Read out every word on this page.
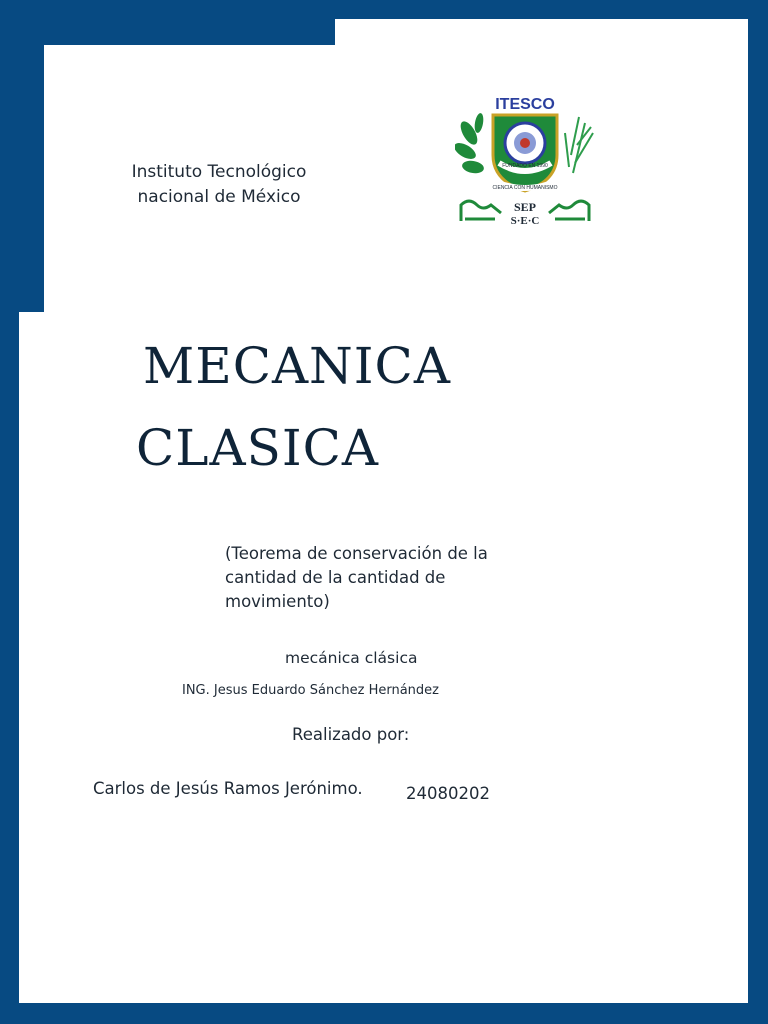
Instituto Tecnológico
nacional de México
ITESCO
FUNDADO EN 1990
CIENCIA CON HUMANISMO
SEP
S·E·C
MECANICA
CLASICA
(Teorema de conservación de la
cantidad de la cantidad de
movimiento)
mecánica clásica
ING. Jesus Eduardo Sánchez Hernández
Realizado por:
Carlos de Jesús Ramos Jerónimo.	24080202
